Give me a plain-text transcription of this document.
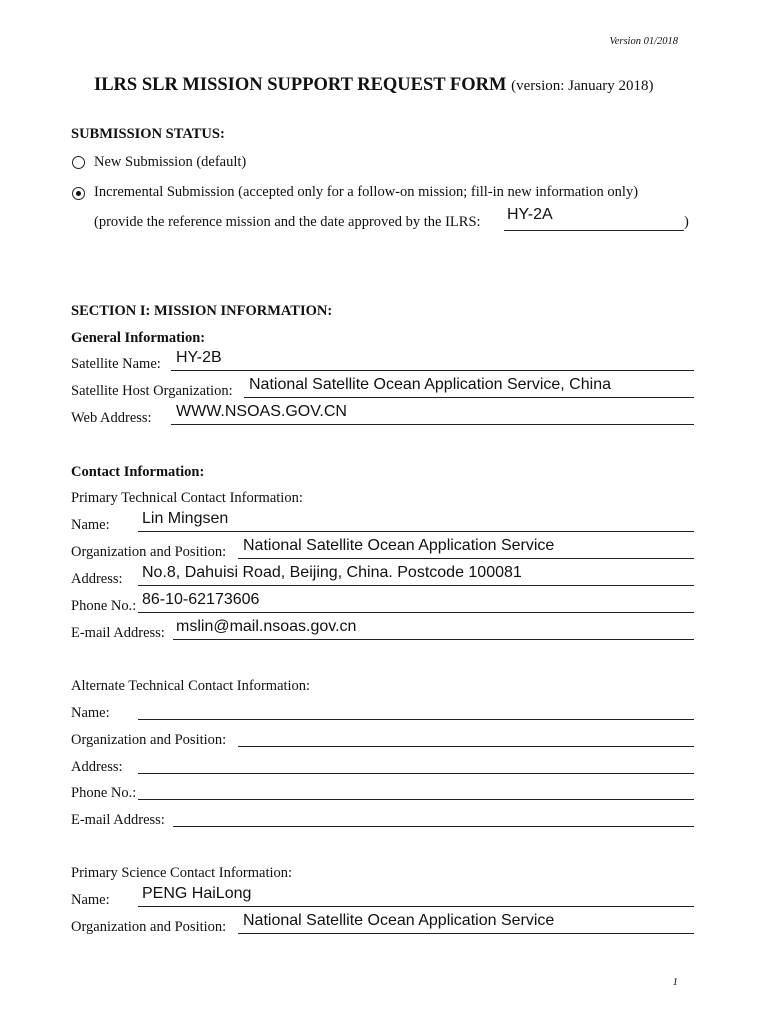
Version 01/2018
ILRS SLR MISSION SUPPORT REQUEST FORM (version: January 2018)
SUBMISSION STATUS:
New Submission (default)
Incremental Submission (accepted only for a follow-on mission; fill-in new information only)
(provide the reference mission and the date approved by the ILRS: HY-2A	)
SECTION I: MISSION INFORMATION:
General Information:
Satellite Name: HY-2B
Satellite Host Organization: National Satellite Ocean Application Service, China
Web Address: WWW.NSOAS.GOV.CN
Contact Information:
Primary Technical Contact Information:
Name: Lin Mingsen
Organization and Position: National Satellite Ocean Application Service
Address: No.8, Dahuisi Road, Beijing, China. Postcode 100081
Phone No.: 86-10-62173606
E-mail Address: mslin@mail.nsoas.gov.cn
Alternate Technical Contact Information:
Name:
Organization and Position:
Address:
Phone No.:
E-mail Address:
Primary Science Contact Information:
Name: PENG HaiLong
Organization and Position: National Satellite Ocean Application Service
1
